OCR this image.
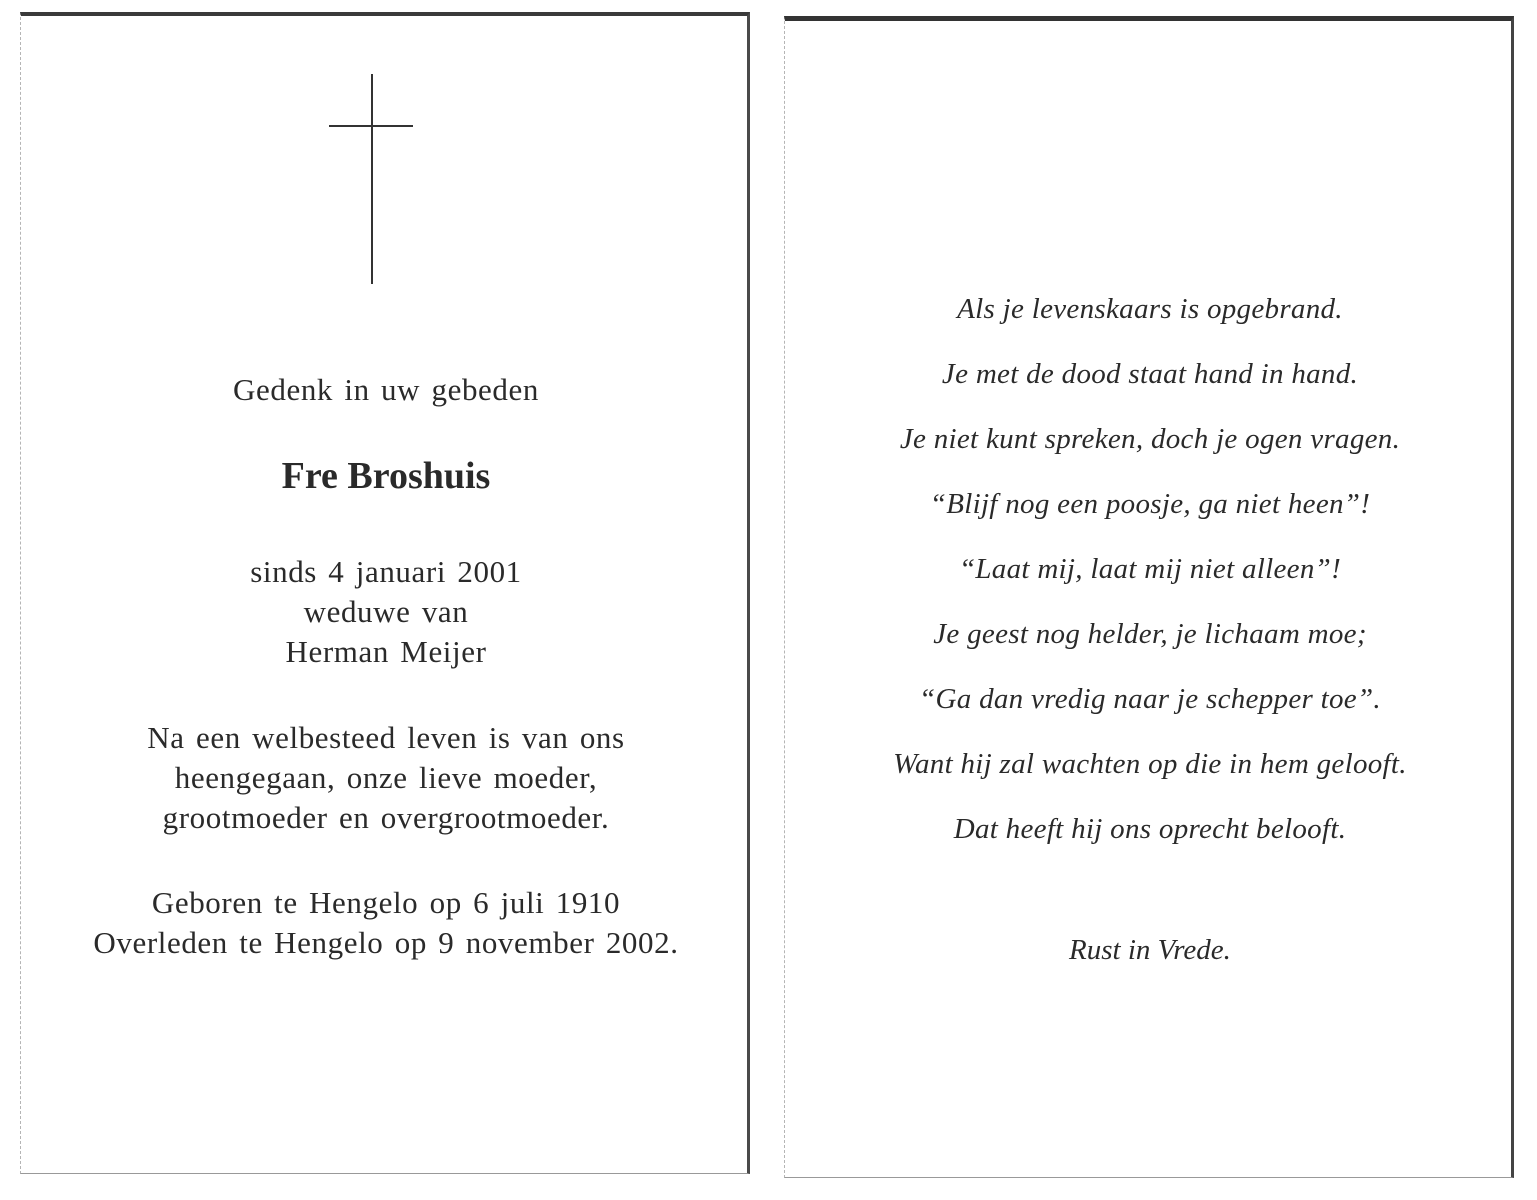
Gedenk in uw gebeden
Fre Broshuis
sinds 4 januari 2001
weduwe van
Herman Meijer
Na een welbesteed leven is van ons
heengegaan, onze lieve moeder,
grootmoeder en overgrootmoeder.
Geboren te Hengelo op 6 juli 1910
Overleden te Hengelo op 9 november 2002.
Als je levenskaars is opgebrand.
Je met de dood staat hand in hand.
Je niet kunt spreken, doch je ogen vragen.
“Blijf nog een poosje, ga niet heen”!
“Laat mij, laat mij niet alleen”!
Je geest nog helder, je lichaam moe;
“Ga dan vredig naar je schepper toe”.
Want hij zal wachten op die in hem gelooft.
Dat heeft hij ons oprecht belooft.
Rust in Vrede.
